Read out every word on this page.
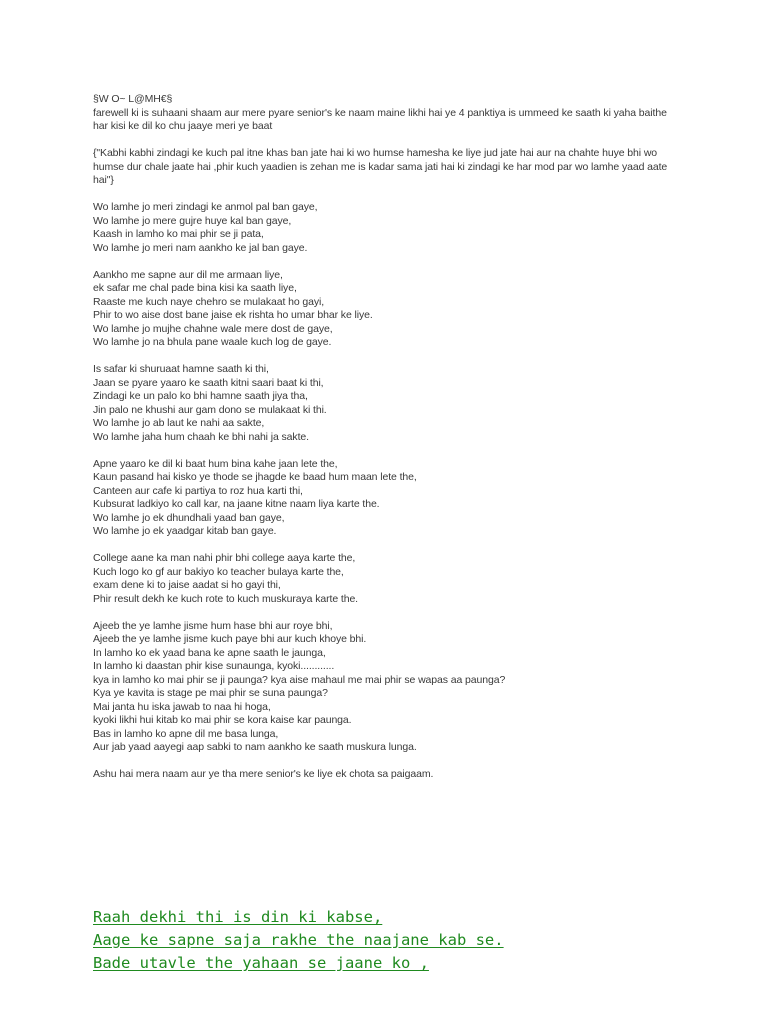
§W O~ L@MH€§
farewell ki is suhaani shaam aur mere pyare senior's ke naam maine likhi hai ye 4 panktiya is ummeed ke saath ki yaha baithe
har kisi ke dil ko chu jaaye meri ye baat
{"Kabhi kabhi zindagi ke kuch pal itne khas ban jate hai ki wo humse hamesha ke liye jud jate hai aur na chahte huye bhi wo
humse dur chale jaate hai ,phir kuch yaadien is zehan me is kadar sama jati hai ki zindagi ke har mod par wo lamhe yaad aate
hai"}
Wo lamhe jo meri zindagi ke anmol pal ban gaye,
Wo lamhe jo mere gujre huye kal ban gaye,
Kaash in lamho ko mai phir se ji pata,
Wo lamhe jo meri nam aankho ke jal ban gaye.
Aankho me sapne aur dil me armaan liye,
ek safar me chal pade bina kisi ka saath liye,
Raaste me kuch naye chehro se mulakaat ho gayi,
Phir to wo aise dost bane jaise ek rishta ho umar bhar ke liye.
Wo lamhe jo mujhe chahne wale mere dost de gaye,
Wo lamhe jo na bhula pane waale kuch log de gaye.
Is safar ki shuruaat hamne saath ki thi,
Jaan se pyare yaaro ke saath kitni saari baat ki thi,
Zindagi ke un palo ko bhi hamne saath jiya tha,
Jin palo ne khushi aur gam dono se mulakaat ki thi.
Wo lamhe jo ab laut ke nahi aa sakte,
Wo lamhe jaha hum chaah ke bhi nahi ja sakte.
Apne yaaro ke dil ki baat hum bina kahe jaan lete the,
Kaun pasand hai kisko ye thode se jhagde ke baad hum maan lete the,
Canteen aur cafe ki partiya to roz hua karti thi,
Kubsurat ladkiyo ko call kar, na jaane kitne naam liya karte the.
Wo lamhe jo ek dhundhali yaad ban gaye,
Wo lamhe jo ek yaadgar kitab ban gaye.
College aane ka man nahi phir bhi college aaya karte the,
Kuch logo ko gf aur bakiyo ko teacher bulaya karte the,
exam dene ki to jaise aadat si ho gayi thi,
Phir result dekh ke kuch rote to kuch muskuraya karte the.
Ajeeb the ye lamhe jisme hum hase bhi aur roye bhi,
Ajeeb the ye lamhe jisme kuch paye bhi aur kuch khoye bhi.
In lamho ko ek yaad bana ke apne saath le jaunga,
In lamho ki daastan phir kise sunaunga, kyoki............
kya in lamho ko mai phir se ji paunga? kya aise mahaul me mai phir se wapas aa paunga?
Kya ye kavita is stage pe mai phir se suna paunga?
Mai janta hu iska jawab to naa hi hoga,
kyoki likhi hui kitab ko mai phir se kora kaise kar paunga.
Bas in lamho ko apne dil me basa lunga,
Aur jab yaad aayegi aap sabki to nam aankho ke saath muskura lunga.
Ashu hai mera naam aur ye tha mere senior's ke liye ek chota sa paigaam.
Raah dekhi thi is din ki kabse,
Aage ke sapne saja rakhe the naajane kab se.
Bade utavle the yahaan se jaane ko ,
